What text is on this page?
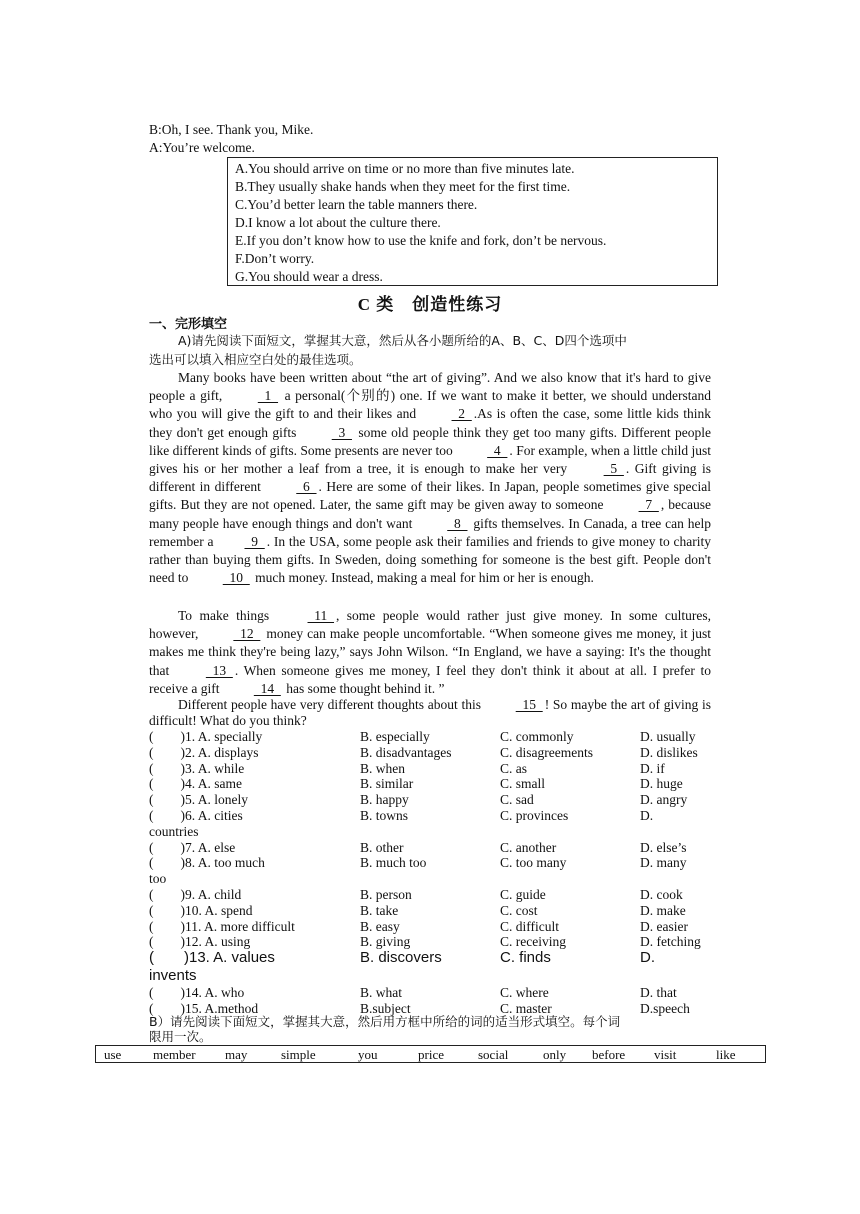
B:Oh, I see. Thank you, Mike.
A:You’re welcome.
A.You should arrive on time or no more than five minutes late.
B.They usually shake hands when they meet for the first time.
C.You’d better learn the table manners there.
D.I know a lot about the culture there.
E.If you don’t know how to use the knife and fork, don’t be nervous.
F.Don’t worry.
G.You should wear a dress.
C 类　创造性练习
一、完形填空
A)请先阅读下面短文，掌握其大意，然后从各小题所给的A、B、C、D四个选项中
选出可以填入相应空白处的最佳选项。
Many books have been written about “the art of giving”. And we also know that it's hard to give people a gift,   1   a personal(个别的) one. If we want to make it better, we should understand who you will give the gift to and their likes and   2  .As is often the case, some little kids think they don't get enough gifts   3   some old people think they get too many gifts. Different people like different kinds of gifts. Some presents are never too   4  . For example, when a little child just gives his or her mother a leaf from a tree, it is enough to make her very   5  . Gift giving is different in different   6  . Here are some of their likes. In Japan, people sometimes give special gifts. But they are not opened. Later, the same gift may be given away to someone   7  , because many people have enough things and don't want   8   gifts themselves. In Canada, a tree can help remember a  9  . In the USA, some people ask their families and friends to give money to charity rather than buying them gifts. In Sweden, doing something for someone is the best gift. People don't need to   10   much money. Instead, making a meal for him or her is enough.
To make things   11  , some people would rather just give money. In some cultures, however,   12   money can make people uncomfortable. “When someone gives me money, it just makes me think they're being lazy,” says John Wilson. “In England, we have a saying: It's the thought that   13  . When someone gives me money, I feel they don't think it about at all. I prefer to receive a gift   14   has some thought behind it. ”
Different people have very different thoughts about this   15  ! So maybe the art of giving is difficult! What do you think?
(　　)1. A. specially	B. especially	C. commonly	D. usually
(　　)2. A. displays	B. disadvantages	C. disagreements	D. dislikes
(　　)3. A. while	B. when	C. as	D. if
(　　)4. A. same	B. similar	C. small	D. huge
(　　)5. A. lonely	B. happy	C. sad	D. angry
(　　)6. A. cities	B. towns	C. provinces	D.
countries
(　　)7. A. else	B. other	C. another	D. else’s
(　　)8. A. too much	B. much too	C. too many	D. many
too
(　　)9. A. child	B. person	C. guide	D. cook
(　　)10. A. spend	B. take	C. cost	D. make
(　　)11. A. more difficult	B. easy	C. difficult	D. easier
(　　)12. A. using	B. giving	C. receiving	D. fetching
(　　)13. A. values	B. discovers	C. finds	D.
invents
(　　)14. A. who	B. what	C. where	D. that
(　　)15. A.method	B.subject	C. master	D.speech
B）请先阅读下面短文，掌握其大意，然后用方框中所给的词的适当形式填空。每个词
限用一次。
use member may	simple	you	price	social	only before visit	like
